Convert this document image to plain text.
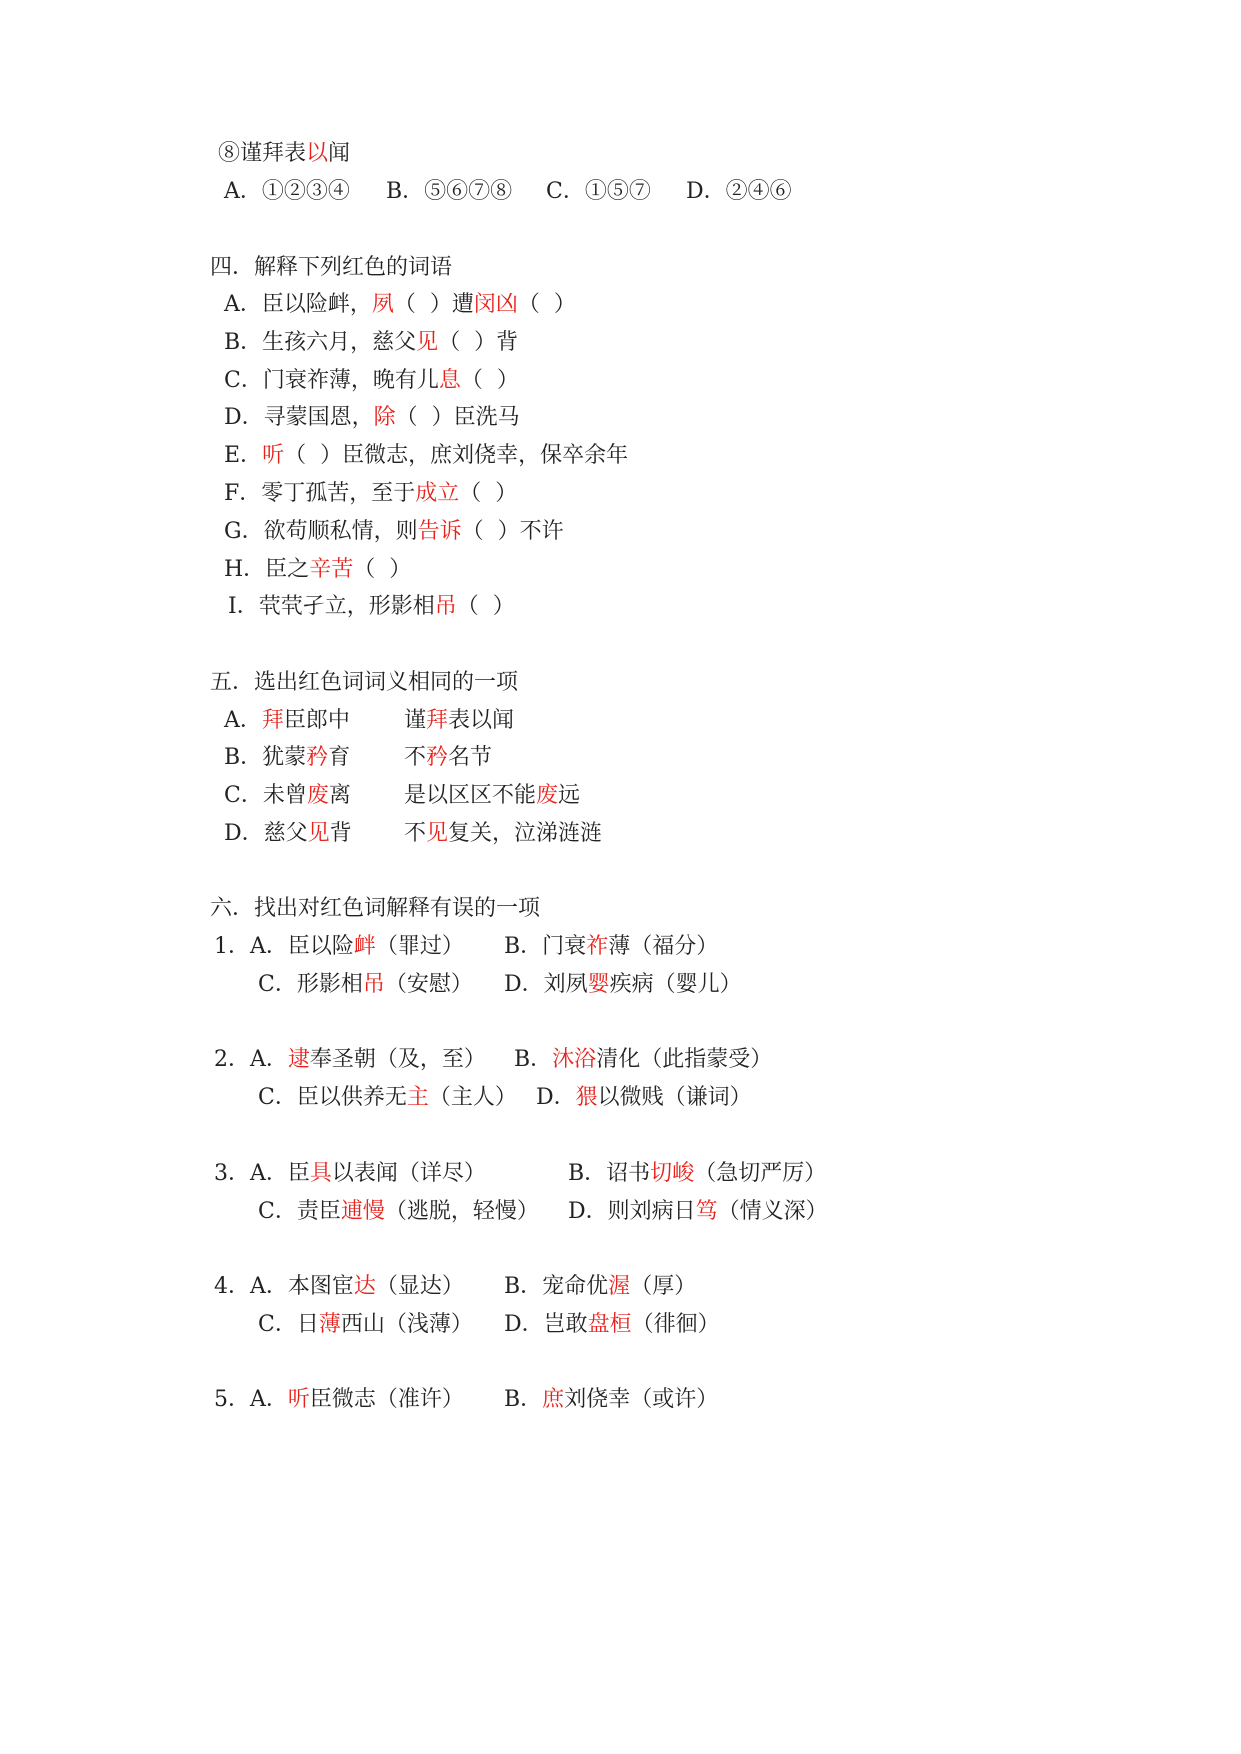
⑧谨拜表以闻
A．①②③④ B．⑤⑥⑦⑧ C．①⑤⑦ D．②④⑥
四．解释下列红色的词语
A．臣以险衅，夙（  ）遭闵凶（  ）
B．生孩六月，慈父见（  ）背
C．门衰祚薄，晚有儿息（  ）
D．寻蒙国恩，除（  ）臣洗马
E．听（  ）臣微志，庶刘侥幸，保卒余年
F．零丁孤苦，至于成立（  ）
G．欲苟顺私情，则告诉（  ）不许
H．臣之辛苦（  ）
I．茕茕孑立，形影相吊（  ）
五．选出红色词词义相同的一项
A．拜臣郎中 谨拜表以闻
B．犹蒙矜育 不矜名节
C．未曾废离 是以区区不能废远
D．慈父见背 不见复关，泣涕涟涟
六．找出对红色词解释有误的一项
1．A．臣以险衅（罪过） B．门衰祚薄（福分）
C．形影相吊（安慰） D．刘夙婴疾病（婴儿）
2．A．逮奉圣朝（及，至） B．沐浴清化（此指蒙受）
C．臣以供养无主（主人） D．猥以微贱（谦词）
3．A．臣具以表闻（详尽）	B．诏书切峻（急切严厉）
C．责臣逋慢（逃脱，轻慢） D．则刘病日笃（情义深）
4．A．本图宦达（显达） B．宠命优渥（厚）
C．日薄西山（浅薄） D．岂敢盘桓（徘徊）
5．A．听臣微志（准许） B．庶刘侥幸（或许）
